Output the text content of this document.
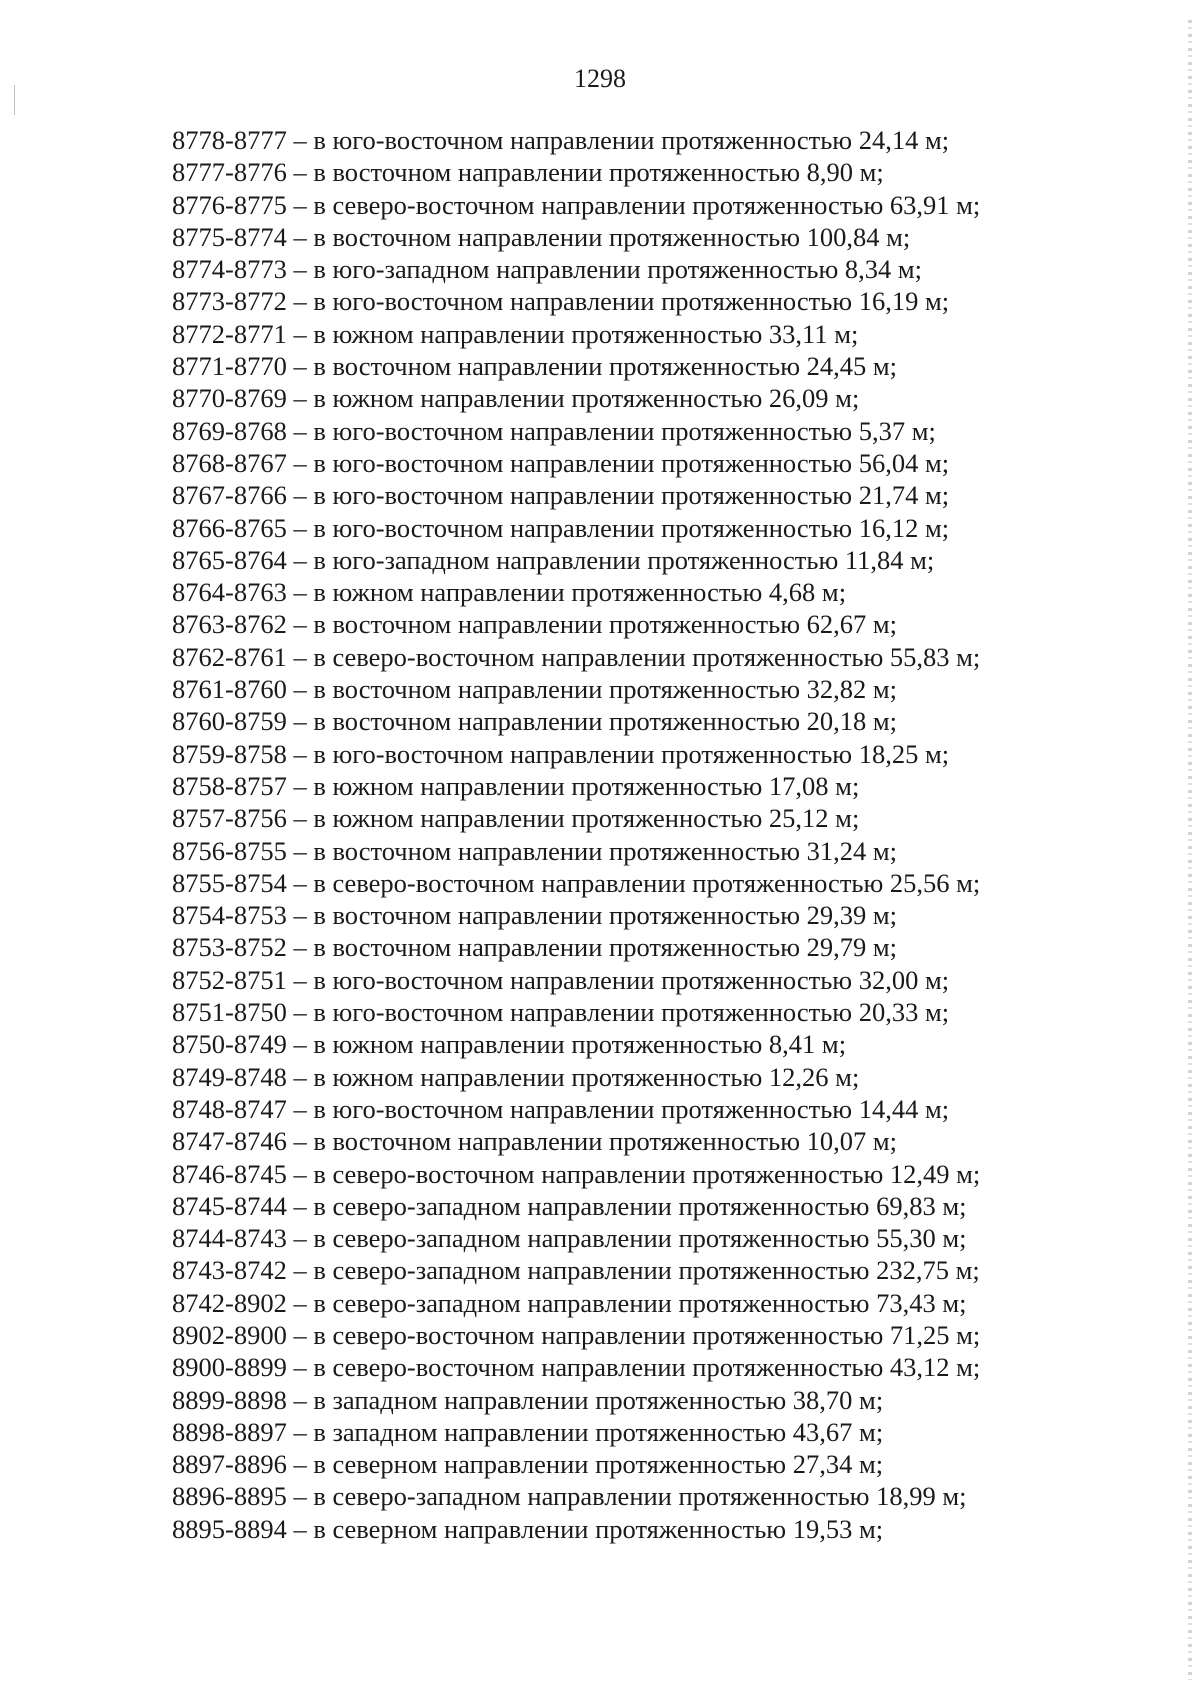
1298
8778-8777 – в юго-восточном направлении протяженностью 24,14 м;
8777-8776 – в восточном направлении протяженностью 8,90 м;
8776-8775 – в северо-восточном направлении протяженностью 63,91 м;
8775-8774 – в восточном направлении протяженностью 100,84 м;
8774-8773 – в юго-западном направлении протяженностью 8,34 м;
8773-8772 – в юго-восточном направлении протяженностью 16,19 м;
8772-8771 – в южном направлении протяженностью 33,11 м;
8771-8770 – в восточном направлении протяженностью 24,45 м;
8770-8769 – в южном направлении протяженностью 26,09 м;
8769-8768 – в юго-восточном направлении протяженностью 5,37 м;
8768-8767 – в юго-восточном направлении протяженностью 56,04 м;
8767-8766 – в юго-восточном направлении протяженностью 21,74 м;
8766-8765 – в юго-восточном направлении протяженностью 16,12 м;
8765-8764 – в юго-западном направлении протяженностью 11,84 м;
8764-8763 – в южном направлении протяженностью 4,68 м;
8763-8762 – в восточном направлении протяженностью 62,67 м;
8762-8761 – в северо-восточном направлении протяженностью 55,83 м;
8761-8760 – в восточном направлении протяженностью 32,82 м;
8760-8759 – в восточном направлении протяженностью 20,18 м;
8759-8758 – в юго-восточном направлении протяженностью 18,25 м;
8758-8757 – в южном направлении протяженностью 17,08 м;
8757-8756 – в южном направлении протяженностью 25,12 м;
8756-8755 – в восточном направлении протяженностью 31,24 м;
8755-8754 – в северо-восточном направлении протяженностью 25,56 м;
8754-8753 – в восточном направлении протяженностью 29,39 м;
8753-8752 – в восточном направлении протяженностью 29,79 м;
8752-8751 – в юго-восточном направлении протяженностью 32,00 м;
8751-8750 – в юго-восточном направлении протяженностью 20,33 м;
8750-8749 – в южном направлении протяженностью 8,41 м;
8749-8748 – в южном направлении протяженностью 12,26 м;
8748-8747 – в юго-восточном направлении протяженностью 14,44 м;
8747-8746 – в восточном направлении протяженностью 10,07 м;
8746-8745 – в северо-восточном направлении протяженностью 12,49 м;
8745-8744 – в северо-западном направлении протяженностью 69,83 м;
8744-8743 – в северо-западном направлении протяженностью 55,30 м;
8743-8742 – в северо-западном направлении протяженностью 232,75 м;
8742-8902 – в северо-западном направлении протяженностью 73,43 м;
8902-8900 – в северо-восточном направлении протяженностью 71,25 м;
8900-8899 – в северо-восточном направлении протяженностью 43,12 м;
8899-8898 – в западном направлении протяженностью 38,70 м;
8898-8897 – в западном направлении протяженностью 43,67 м;
8897-8896 – в северном направлении протяженностью 27,34 м;
8896-8895 – в северо-западном направлении протяженностью 18,99 м;
8895-8894 – в северном направлении протяженностью 19,53 м;
